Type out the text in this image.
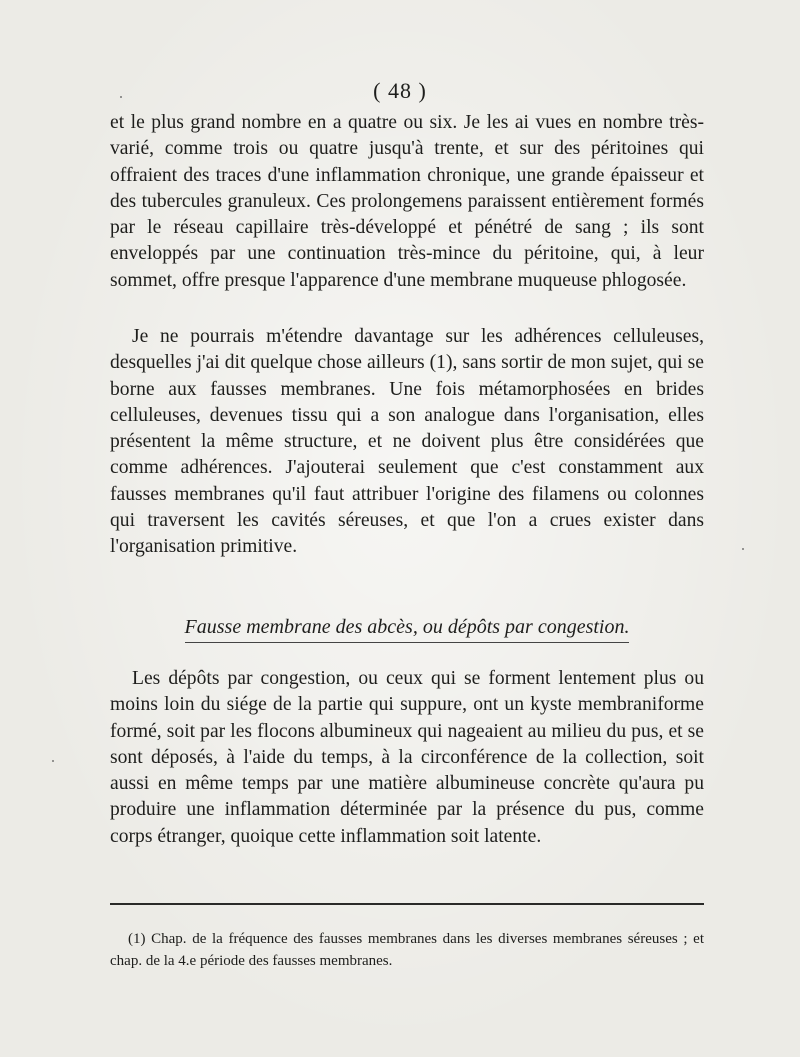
( 48 )

et le plus grand nombre en a quatre ou six. Je les ai vues en nombre très-varié, comme trois ou quatre jusqu'à trente, et sur des péritoines qui offraient des traces d'une inflammation chronique, une grande épaisseur et des tubercules granuleux. Ces prolongemens paraissent entièrement formés par le réseau capillaire très-développé et pénétré de sang ; ils sont enveloppés par une continuation très-mince du péritoine, qui, à leur sommet, offre presque l'apparence d'une membrane muqueuse phlogosée.

Je ne pourrais m'étendre davantage sur les adhérences celluleuses, desquelles j'ai dit quelque chose ailleurs (1), sans sortir de mon sujet, qui se borne aux fausses membranes. Une fois métamorphosées en brides celluleuses, devenues tissu qui a son analogue dans l'organisation, elles présentent la même structure, et ne doivent plus être considérées que comme adhérences. J'ajouterai seulement que c'est constamment aux fausses membranes qu'il faut attribuer l'origine des filamens ou colonnes qui traversent les cavités séreuses, et que l'on a crues exister dans l'organisation primitive.

Fausse membrane des abcès, ou dépôts par congestion.

Les dépôts par congestion, ou ceux qui se forment lentement plus ou moins loin du siége de la partie qui suppure, ont un kyste membraniforme formé, soit par les flocons albumineux qui nageaient au milieu du pus, et se sont déposés, à l'aide du temps, à la circonférence de la collection, soit aussi en même temps par une matière albumineuse concrète qu'aura pu produire une inflammation déterminée par la présence du pus, comme corps étranger, quoique cette inflammation soit latente.

(1) Chap. de la fréquence des fausses membranes dans les diverses membranes séreuses ; et chap. de la 4.e période des fausses membranes.
